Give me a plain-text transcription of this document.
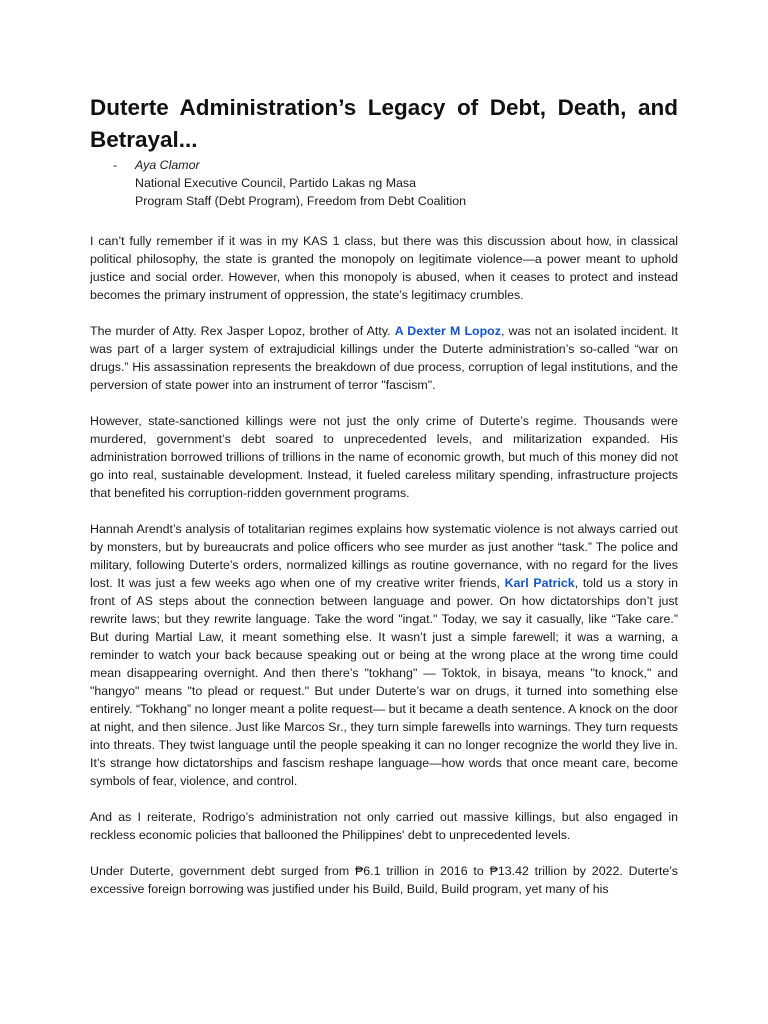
Duterte Administration’s Legacy of Debt, Death, and Betrayal...
- Aya Clamor
National Executive Council, Partido Lakas ng Masa
Program Staff (Debt Program), Freedom from Debt Coalition

I can’t fully remember if it was in my KAS 1 class, but there was this discussion about how, in classical political philosophy, the state is granted the monopoly on legitimate violence—a power meant to uphold justice and social order. However, when this monopoly is abused, when it ceases to protect and instead becomes the primary instrument of oppression, the state’s legitimacy crumbles.

The murder of Atty. Rex Jasper Lopoz, brother of Atty. A Dexter M Lopoz, was not an isolated incident. It was part of a larger system of extrajudicial killings under the Duterte administration’s so-called “war on drugs.” His assassination represents the breakdown of due process, corruption of legal institutions, and the perversion of state power into an instrument of terror "fascism".

However, state-sanctioned killings were not just the only crime of Duterte’s regime. Thousands were murdered, government’s debt soared to unprecedented levels, and militarization expanded. His administration borrowed trillions of trillions in the name of economic growth, but much of this money did not go into real, sustainable development. Instead, it fueled careless military spending, infrastructure projects that benefited his corruption-ridden government programs.

Hannah Arendt’s analysis of totalitarian regimes explains how systematic violence is not always carried out by monsters, but by bureaucrats and police officers who see murder as just another “task.” The police and military, following Duterte’s orders, normalized killings as routine governance, with no regard for the lives lost. It was just a few weeks ago when one of my creative writer friends, Karl Patrick, told us a story in front of AS steps about the connection between language and power. On how dictatorships don’t just rewrite laws; but they rewrite language. Take the word "ingat." Today, we say it casually, like “Take care.” But during Martial Law, it meant something else. It wasn’t just a simple farewell; it was a warning, a reminder to watch your back because speaking out or being at the wrong place at the wrong time could mean disappearing overnight. And then there’s "tokhang" — Toktok, in bisaya, means "to knock," and "hangyo" means "to plead or request." But under Duterte’s war on drugs, it turned into something else entirely. “Tokhang” no longer meant a polite request— but it became a death sentence. A knock on the door at night, and then silence. Just like Marcos Sr., they turn simple farewells into warnings. They turn requests into threats. They twist language until the people speaking it can no longer recognize the world they live in. It’s strange how dictatorships and fascism reshape language—how words that once meant care, become symbols of fear, violence, and control.

And as I reiterate, Rodrigo’s administration not only carried out massive killings, but also engaged in reckless economic policies that ballooned the Philippines' debt to unprecedented levels.

Under Duterte, government debt surged from ₱6.1 trillion in 2016 to ₱13.42 trillion by 2022. Duterte’s excessive foreign borrowing was justified under his Build, Build, Build program, yet many of his
